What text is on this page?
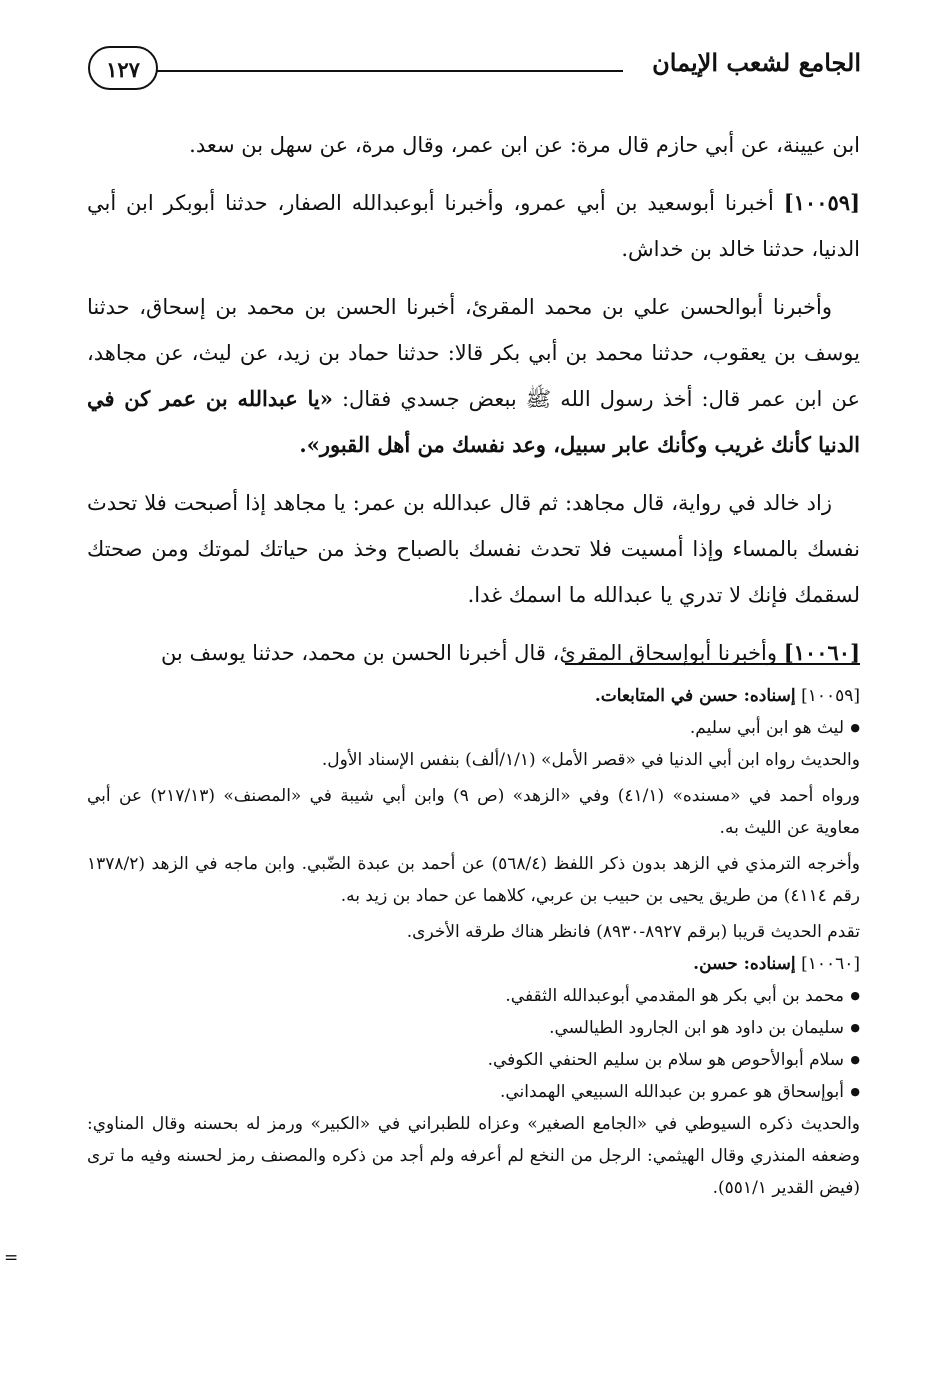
الجامع لشعب الإيمان
١٢٧

ابن عيينة، عن أبي حازم قال مرة: عن ابن عمر، وقال مرة، عن سهل بن سعد.

[١٠٠٥٩] أخبرنا أبوسعيد بن أبي عمرو، وأخبرنا أبوعبدالله الصفار، حدثنا أبوبكر ابن أبي الدنيا، حدثنا خالد بن خداش.

وأخبرنا أبوالحسن علي بن محمد المقرئ، أخبرنا الحسن بن محمد بن إسحاق، حدثنا يوسف بن يعقوب، حدثنا محمد بن أبي بكر قالا: حدثنا حماد بن زيد، عن ليث، عن مجاهد، عن ابن عمر قال: أخذ رسول الله ﷺ ببعض جسدي فقال: «يا عبدالله بن عمر كن في الدنيا كأنك غريب وكأنك عابر سبيل، وعد نفسك من أهل القبور».

زاد خالد في رواية، قال مجاهد: ثم قال عبدالله بن عمر: يا مجاهد إذا أصبحت فلا تحدث نفسك بالمساء وإذا أمسيت فلا تحدث نفسك بالصباح وخذ من حياتك لموتك ومن صحتك لسقمك فإنك لا تدري يا عبدالله ما اسمك غدا.

[١٠٠٦٠] وأخبرنا أبوإسحاق المقرئ، قال أخبرنا الحسن بن محمد، حدثنا يوسف بن

[١٠٠٥٩] إسناده: حسن في المتابعات.

● ليث هو ابن أبي سليم.

والحديث رواه ابن أبي الدنيا في «قصر الأمل» (١/١/ألف) بنفس الإسناد الأول.

ورواه أحمد في «مسنده» (٤١/١) وفي «الزهد» (ص ٩) وابن أبي شيبة في «المصنف» (٢١٧/١٣) عن أبي معاوية عن الليث به.

وأخرجه الترمذي في الزهد بدون ذكر اللفظ (٥٦٨/٤) عن أحمد بن عبدة الضّبي. وابن ماجه في الزهد (١٣٧٨/٢ رقم ٤١١٤) من طريق يحيى بن حبيب بن عربي، كلاهما عن حماد بن زيد به.

تقدم الحديث قريبا (برقم ٨٩٢٧-٨٩٣٠) فانظر هناك طرقه الأخرى.

[١٠٠٦٠] إسناده: حسن.

● محمد بن أبي بكر هو المقدمي أبوعبدالله الثقفي.

● سليمان بن داود هو ابن الجارود الطيالسي.

● سلام أبوالأحوص هو سلام بن سليم الحنفي الكوفي.

● أبوإسحاق هو عمرو بن عبدالله السبيعي الهمداني.

والحديث ذكره السيوطي في «الجامع الصغير» وعزاه للطبراني في «الكبير» ورمز له بحسنه وقال المناوي: وضعفه المنذري وقال الهيثمي: الرجل من النخع لم أعرفه ولم أجد من ذكره والمصنف رمز لحسنه وفيه ما ترى (فيض القدير ٥٥١/١).

=
